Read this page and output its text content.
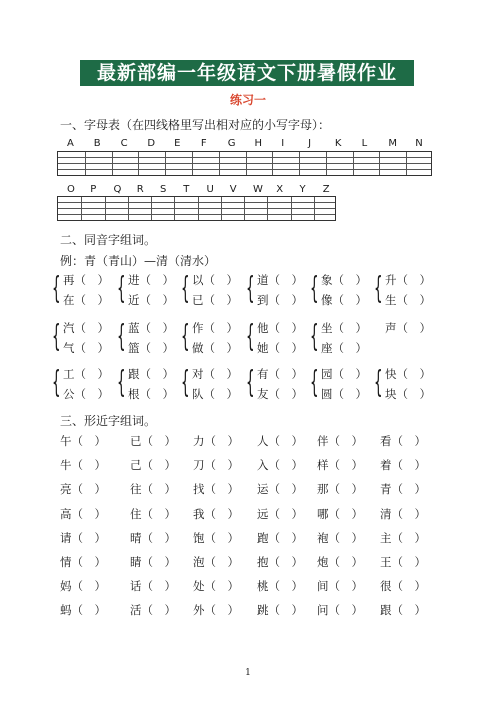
最新部编一年级语文下册暑假作业
练习一
一、字母表（在四线格里写出相对应的小写字母）：
A B C D E F G H I J K L M N
O P Q R S T U V W X Y Z
二、同音字组词。
例：青（青山）—清（清水）
{ 再（　）
在（　） { 进（　）
近（　） { 以（　）
已（　） { 道（　）
到（　） { 象（　）
像（　） { 升（　）
生（　）
{ 汽（　）
气（　） { 蓝（　）
篮（　） { 作（　）
做（　） { 他（　）
她（　） { 坐（　）
座（　）
声（　）
{ 工（　）
公（　） { 跟（　）
根（　） { 对（　）
队（　） { 有（　）
友（　） { 园（　）
圆（　） { 快（　）
块（　）
三、形近字组词。
午（　） 已（　） 力（　） 人（　） 伴（　） 看（　）
牛（　） 己（　） 刀（　） 入（　） 样（　） 着（　）
亮（　） 往（　） 找（　） 运（　） 那（　） 青（　）
高（　） 住（　） 我（　） 远（　） 哪（　） 清（　）
请（　） 晴（　） 饱（　） 跑（　） 袍（　） 主（　）
情（　） 睛（　） 泡（　） 抱（　） 炮（　） 王（　）
妈（　） 话（　） 处（　） 桃（　） 间（　） 很（　）
蚂（　） 活（　） 外（　） 跳（　） 问（　） 跟（　）
1
